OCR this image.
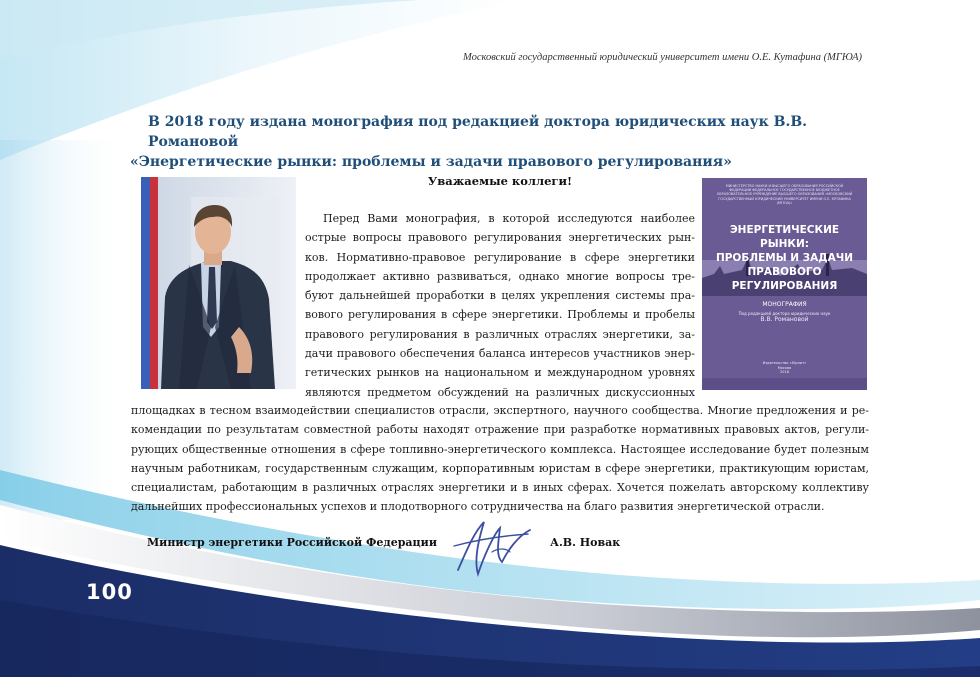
Московский государственный юридический университет имени О.Е. Кутафина (МГЮА)
В 2018 году издана монография под редакцией доктора юридических наук В.В. Романовой
«Энергетические рынки: проблемы и задачи правового регулирования»
Уважаемые коллеги!
Перед Вами монография, в которой исследуются наиболее
острые вопросы правового регулирования энергетических рын-
ков. Нормативно-правовое регулирование в сфере энергетики
продолжает активно развиваться, однако многие вопросы тре-
буют дальнейшей проработки в целях укрепления системы пра-
вового регулирования в сфере энергетики. Проблемы и пробелы
правового регулирования в различных отраслях энергетики, за-
дачи правового обеспечения баланса интересов участников энер-
гетических рынков на национальном и международном уровнях
являются предметом обсуждений на различных дискуссионных
МИНИСТЕРСТВО НАУКИ И ВЫСШЕГО ОБРАЗОВАНИЯ РОССИЙСКОЙ ФЕДЕРАЦИИ ФЕДЕРАЛЬНОЕ ГОСУДАРСТВЕННОЕ БЮДЖЕТНОЕ ОБРАЗОВАТЕЛЬНОЕ УЧРЕЖДЕНИЕ ВЫСШЕГО ОБРАЗОВАНИЯ «МОСКОВСКИЙ ГОСУДАРСТВЕННЫЙ ЮРИДИЧЕСКИЙ УНИВЕРСИТЕТ ИМЕНИ О.Е. КУТАФИНА (МГЮА)»
ЭНЕРГЕТИЧЕСКИЕ РЫНКИ:
ПРОБЛЕМЫ И ЗАДАЧИ
ПРАВОВОГО РЕГУЛИРОВАНИЯ
МОНОГРАФИЯ
Под редакцией доктора юридических наук
В.В. Романовой
Издательство «Юрлит»
Москва
2018
площадках в тесном взаимодействии специалистов отрасли, экспертного, научного сообщества. Многие предложения и ре-
комендации по результатам совместной работы находят отражение при разработке нормативных правовых актов, регули-
рующих общественные отношения в сфере топливно-энергетического комплекса. Настоящее исследование будет полезным
научным работникам, государственным служащим, корпоративным юристам в сфере энергетики, практикующим юристам,
специалистам, работающим в различных отраслях энергетики и в иных сферах. Хочется пожелать авторскому коллективу
дальнейших профессиональных успехов и плодотворного сотрудничества на благо развития энергетической отрасли.
Министр энергетики Российской Федерации	А.В. Новак
100
